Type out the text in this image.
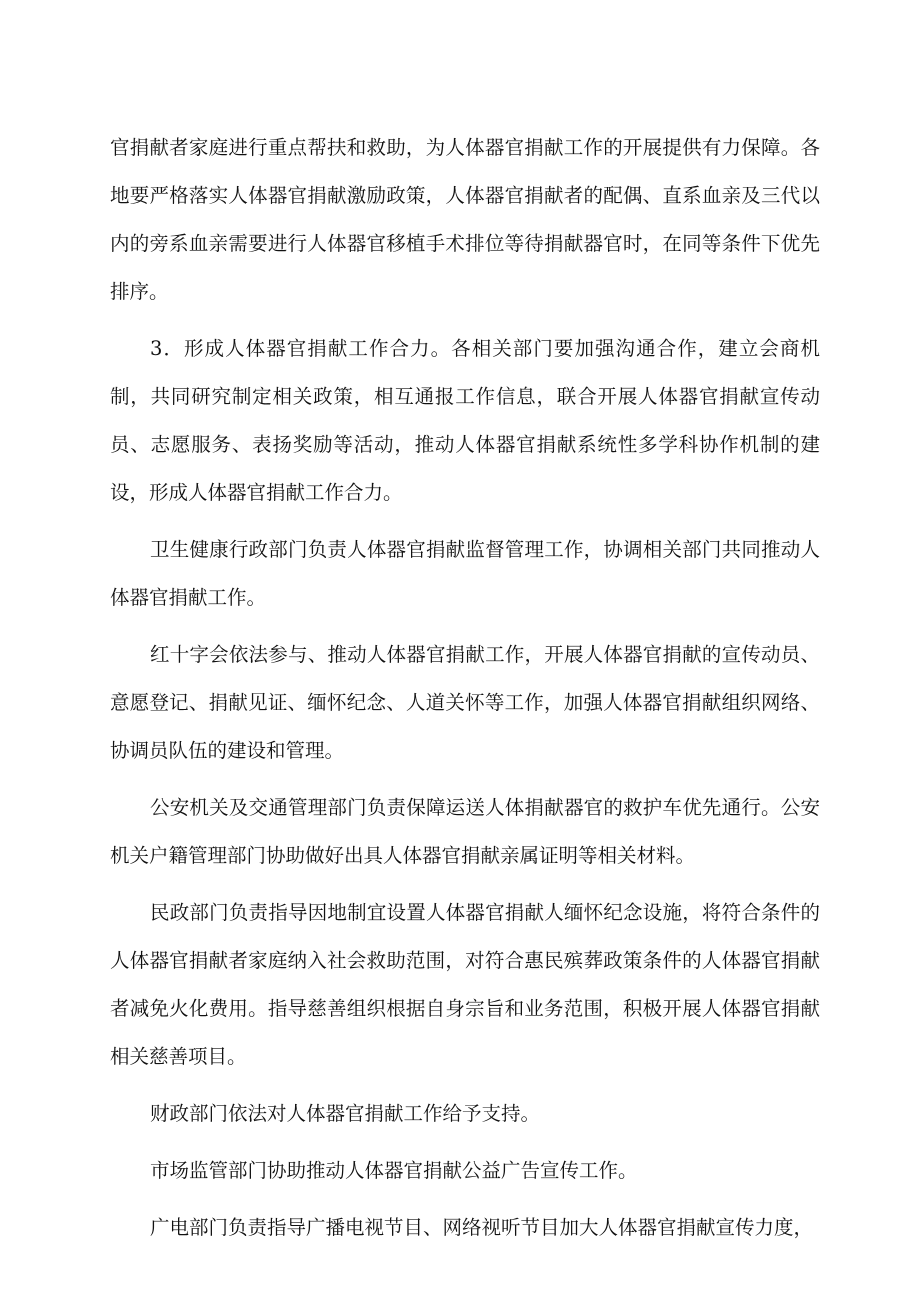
官捐献者家庭进行重点帮扶和救助，为人体器官捐献工作的开展提供有力保障。各地要严格落实人体器官捐献激励政策，人体器官捐献者的配偶、直系血亲及三代以内的旁系血亲需要进行人体器官移植手术排位等待捐献器官时，在同等条件下优先排序。

3．形成人体器官捐献工作合力。各相关部门要加强沟通合作，建立会商机制，共同研究制定相关政策，相互通报工作信息，联合开展人体器官捐献宣传动员、志愿服务、表扬奖励等活动，推动人体器官捐献系统性多学科协作机制的建设，形成人体器官捐献工作合力。

卫生健康行政部门负责人体器官捐献监督管理工作，协调相关部门共同推动人体器官捐献工作。

红十字会依法参与、推动人体器官捐献工作，开展人体器官捐献的宣传动员、意愿登记、捐献见证、缅怀纪念、人道关怀等工作，加强人体器官捐献组织网络、协调员队伍的建设和管理。

公安机关及交通管理部门负责保障运送人体捐献器官的救护车优先通行。公安机关户籍管理部门协助做好出具人体器官捐献亲属证明等相关材料。

民政部门负责指导因地制宜设置人体器官捐献人缅怀纪念设施，将符合条件的人体器官捐献者家庭纳入社会救助范围，对符合惠民殡葬政策条件的人体器官捐献者减免火化费用。指导慈善组织根据自身宗旨和业务范围，积极开展人体器官捐献相关慈善项目。

财政部门依法对人体器官捐献工作给予支持。

市场监管部门协助推动人体器官捐献公益广告宣传工作。

广电部门负责指导广播电视节目、网络视听节目加大人体器官捐献宣传力度，
